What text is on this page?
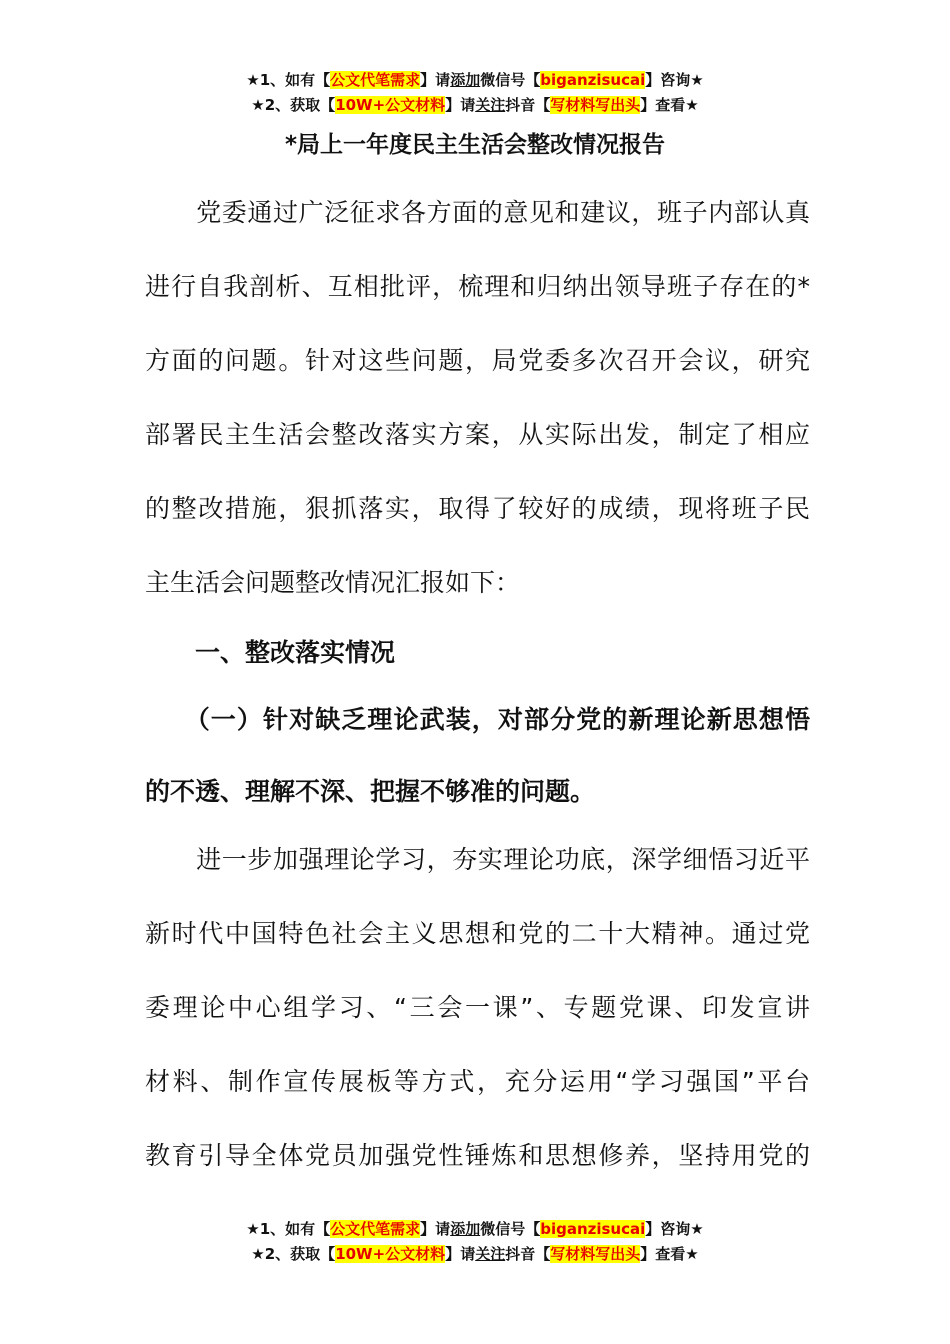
★1、如有【公文代笔需求】请添加微信号【biganzisucai】咨询★
★2、获取【10W+公文材料】请关注抖音【写材料写出头】查看★
*局上一年度民主生活会整改情况报告
　　党委通过广泛征求各方面的意见和建议，班子内部认真
进行自我剖析、互相批评，梳理和归纳出领导班子存在的*
方面的问题。针对这些问题，局党委多次召开会议，研究
部署民主生活会整改落实方案，从实际出发，制定了相应
的整改措施，狠抓落实，取得了较好的成绩，现将班子民
主生活会问题整改情况汇报如下：
　　一、整改落实情况
　　（一）针对缺乏理论武装，对部分党的新理论新思想悟
的不透、理解不深、把握不够准的问题。
　　进一步加强理论学习，夯实理论功底，深学细悟习近平
新时代中国特色社会主义思想和党的二十大精神。通过党
委理论中心组学习、“三会一课”、专题党课、印发宣讲
材料、制作宣传展板等方式，充分运用“学习强国”平台
教育引导全体党员加强党性锤炼和思想修养，坚持用党的
★1、如有【公文代笔需求】请添加微信号【biganzisucai】咨询★
★2、获取【10W+公文材料】请关注抖音【写材料写出头】查看★
